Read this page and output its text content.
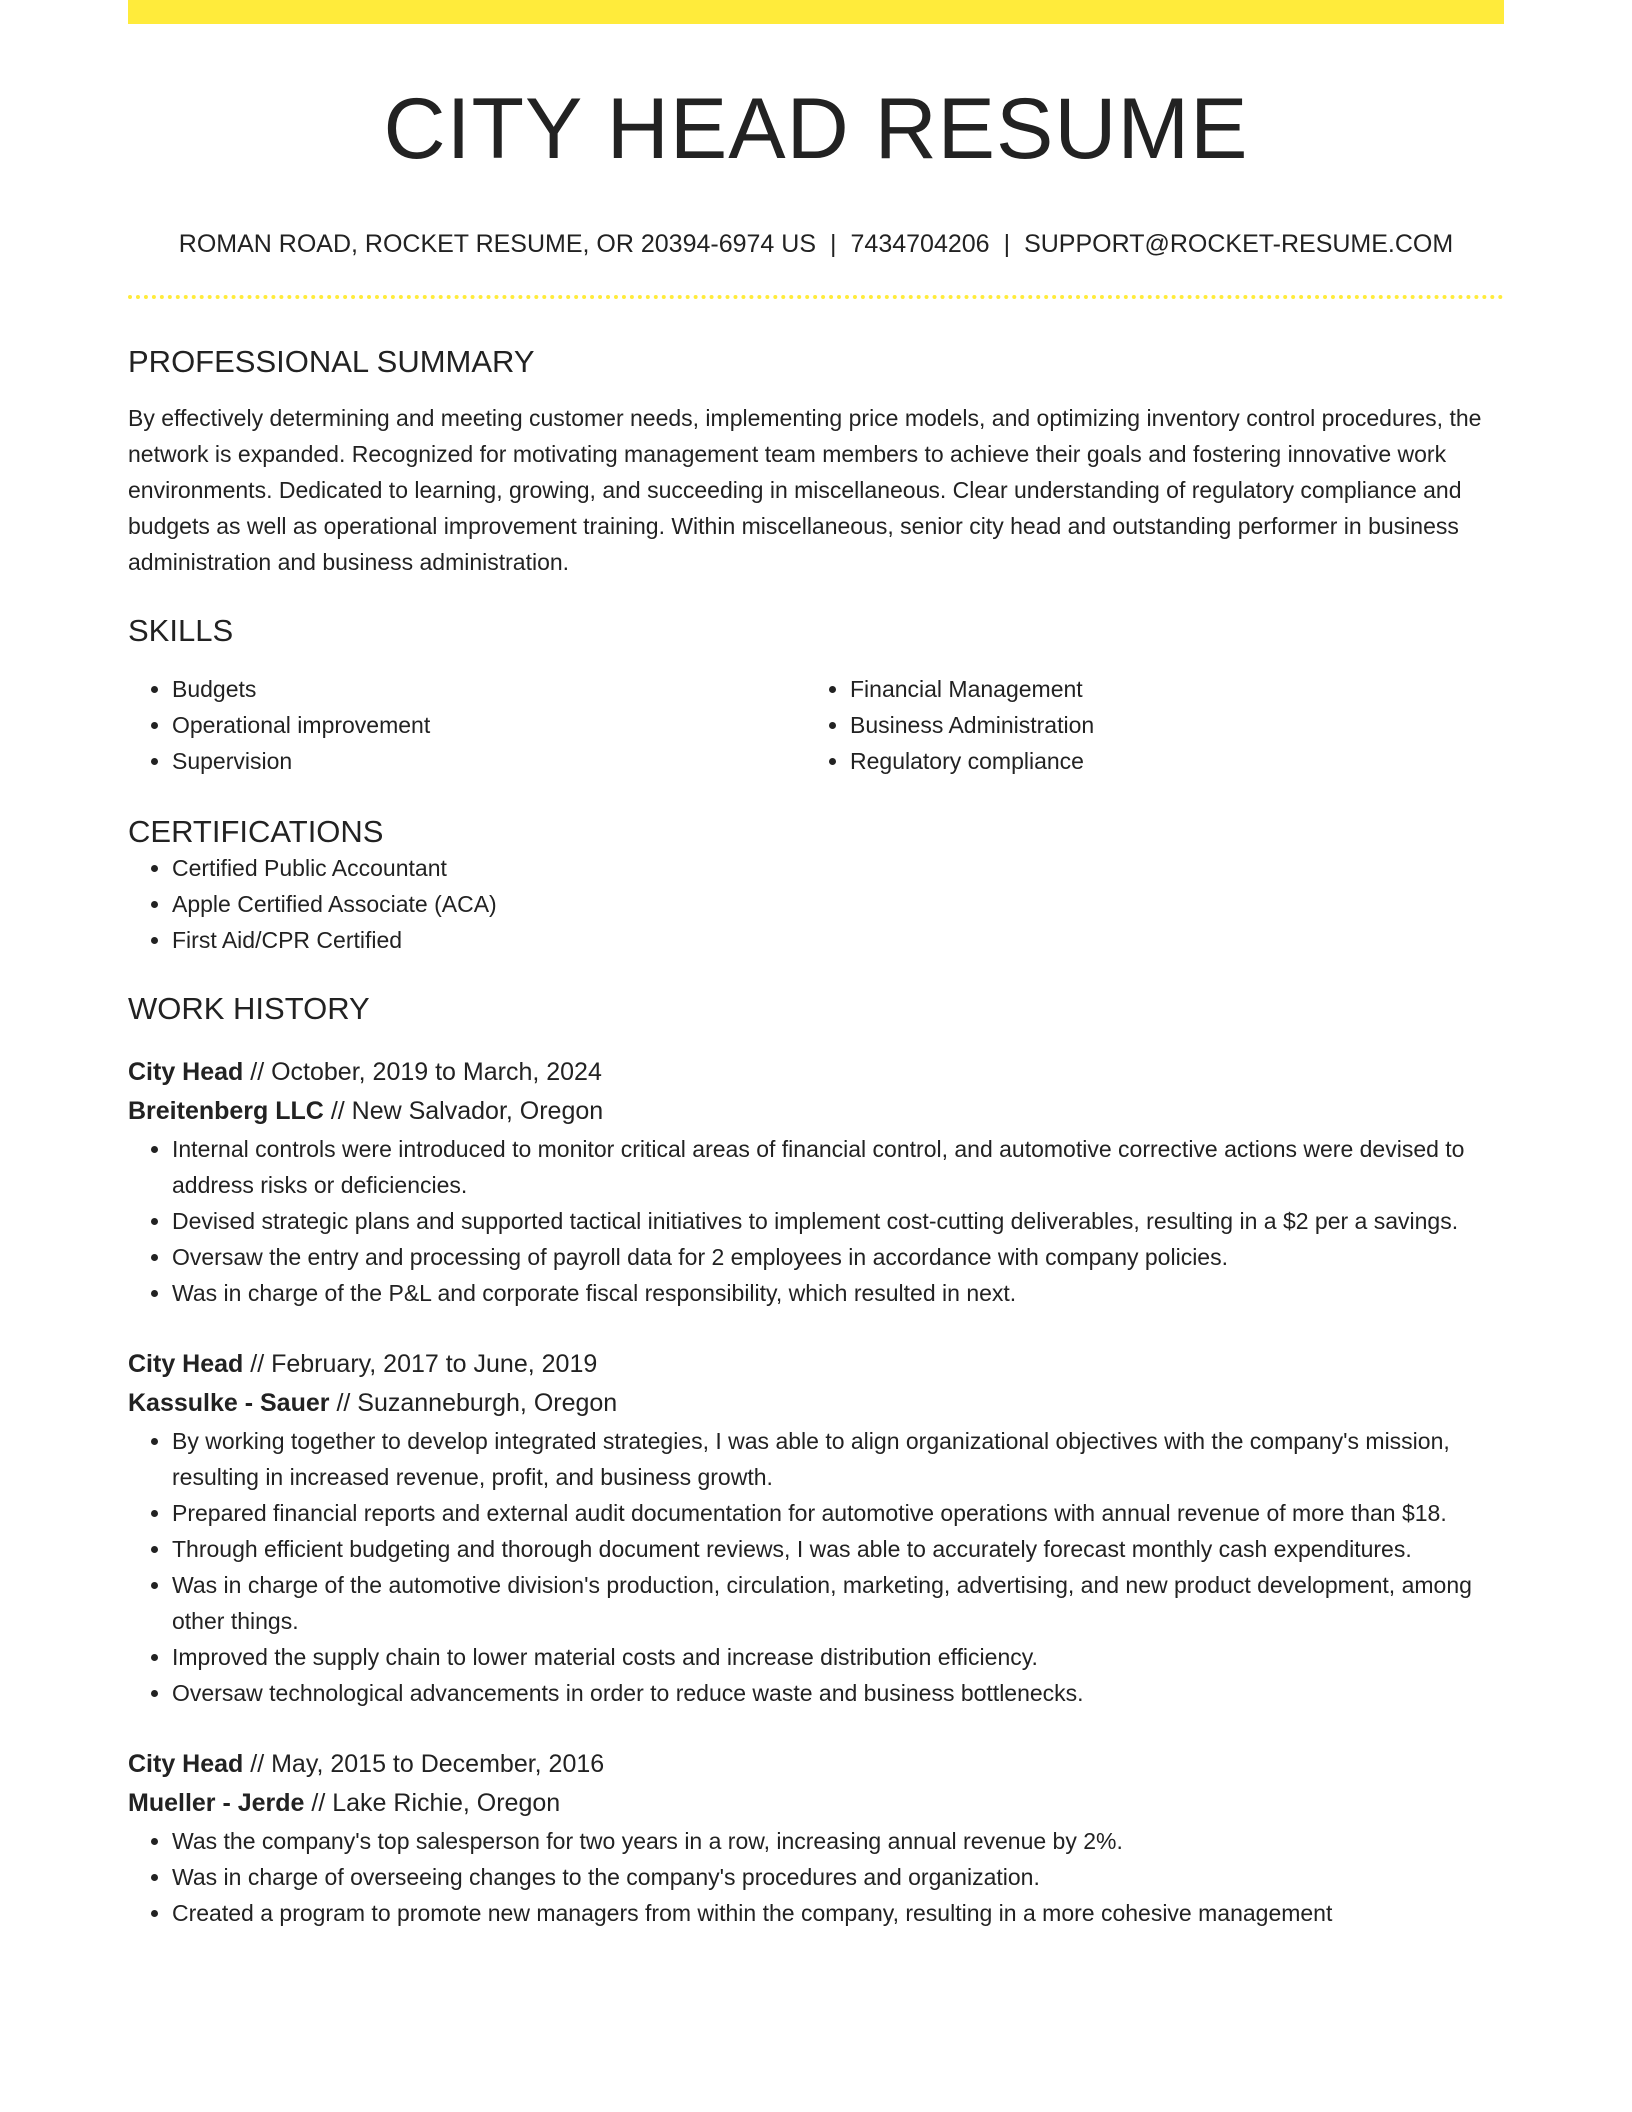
CITY HEAD RESUME
ROMAN ROAD, ROCKET RESUME, OR 20394-6974 US | 7434704206 | SUPPORT@ROCKET-RESUME.COM
PROFESSIONAL SUMMARY

By effectively determining and meeting customer needs, implementing price models, and optimizing inventory control procedures, the network is expanded. Recognized for motivating management team members to achieve their goals and fostering innovative work environments. Dedicated to learning, growing, and succeeding in miscellaneous. Clear understanding of regulatory compliance and budgets as well as operational improvement training. Within miscellaneous, senior city head and outstanding performer in business administration and business administration.

SKILLS
• Budgets
• Operational improvement
• Supervision
• Financial Management
• Business Administration
• Regulatory compliance
CERTIFICATIONS
• Certified Public Accountant
• Apple Certified Associate (ACA)
• First Aid/CPR Certified
WORK HISTORY

City Head // October, 2019 to March, 2024

Breitenberg LLC // New Salvador, Oregon

• Internal controls were introduced to monitor critical areas of financial control, and automotive corrective actions were devised to address risks or deficiencies.
• Devised strategic plans and supported tactical initiatives to implement cost-cutting deliverables, resulting in a $2 per a savings.
• Oversaw the entry and processing of payroll data for 2 employees in accordance with company policies.
• Was in charge of the P&L and corporate fiscal responsibility, which resulted in next.

City Head // February, 2017 to June, 2019

Kassulke - Sauer // Suzanneburgh, Oregon

• By working together to develop integrated strategies, I was able to align organizational objectives with the company's mission, resulting in increased revenue, profit, and business growth.
• Prepared financial reports and external audit documentation for automotive operations with annual revenue of more than $18.
• Through efficient budgeting and thorough document reviews, I was able to accurately forecast monthly cash expenditures.
• Was in charge of the automotive division's production, circulation, marketing, advertising, and new product development, among other things.
• Improved the supply chain to lower material costs and increase distribution efficiency.
• Oversaw technological advancements in order to reduce waste and business bottlenecks.

City Head // May, 2015 to December, 2016

Mueller - Jerde // Lake Richie, Oregon

• Was the company's top salesperson for two years in a row, increasing annual revenue by 2%.
• Was in charge of overseeing changes to the company's procedures and organization.
• Created a program to promote new managers from within the company, resulting in a more cohesive management
